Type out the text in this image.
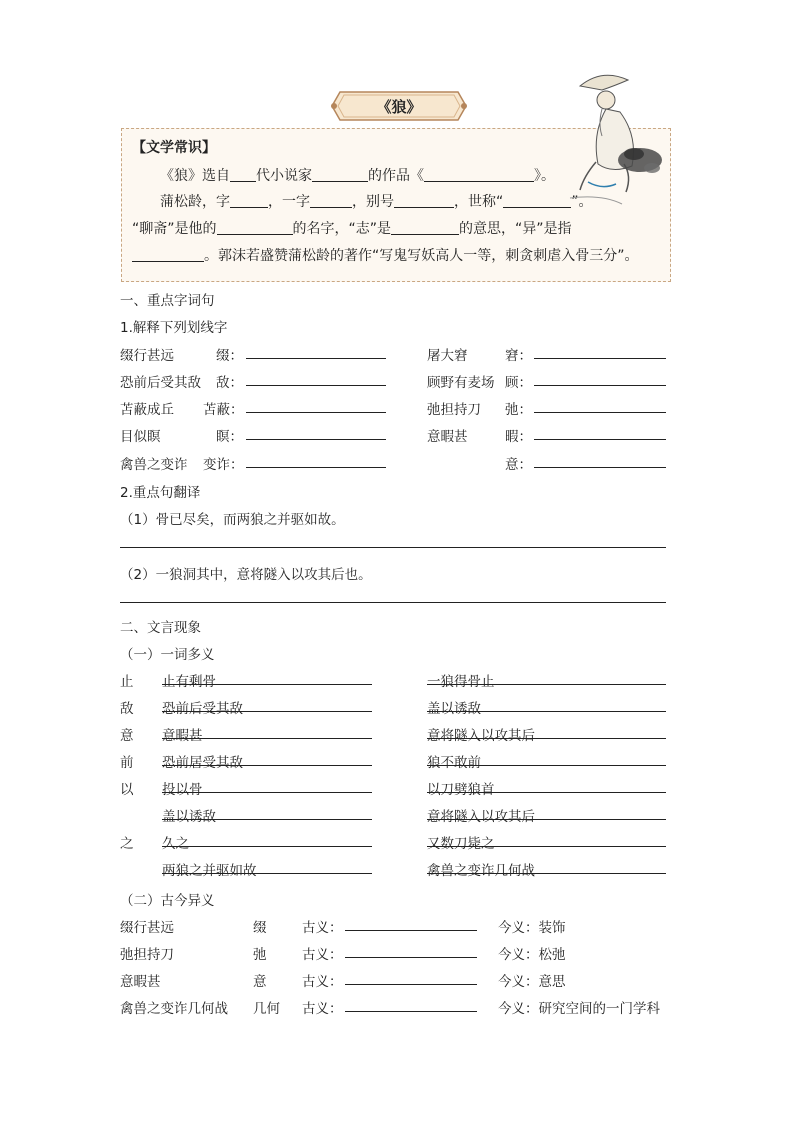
《狼》
【文学常识】
《狼》选自 代小说家	的作品《	》。
蒲松龄，字	，一字	，别号	，世称“	”。
“聊斋”是他的	的名字，“志”是	的意思，“异”是指
。郭沫若盛赞蒲松龄的著作“写鬼写妖高人一等，刺贪刺虐入骨三分”。
一、重点字词句
1.解释下列划线字
缀行甚远	缀：	屠大窘	窘：
恐前后受其敌 敌：	顾野有麦场 顾：
苫蔽成丘 苫蔽：	弛担持刀 弛：
目似瞑	瞑：	意暇甚	暇：
禽兽之变诈 变诈：	意：
2.重点句翻译
（1）骨已尽矣，而两狼之并驱如故。
（2）一狼洞其中，意将隧入以攻其后也。
二、文言现象
（一）一词多义
止 止有剩骨	一狼得骨止
敌 恐前后受其敌	盖以诱敌
意 意暇甚	意将隧入以攻其后
前 恐前居受其敌	狼不敢前
以 投以骨	以刀劈狼首
盖以诱敌	意将隧入以攻其后
之 久之	又数刀毙之
两狼之并驱如故	禽兽之变诈几何战
（二）古今异义
缀行甚远	缀	古义：	今义：装饰
弛担持刀	弛	古义：	今义：松弛
意暇甚	意	古义：	今义：意思
禽兽之变诈几何战 几何 古义：	今义：研究空间的一门学科
